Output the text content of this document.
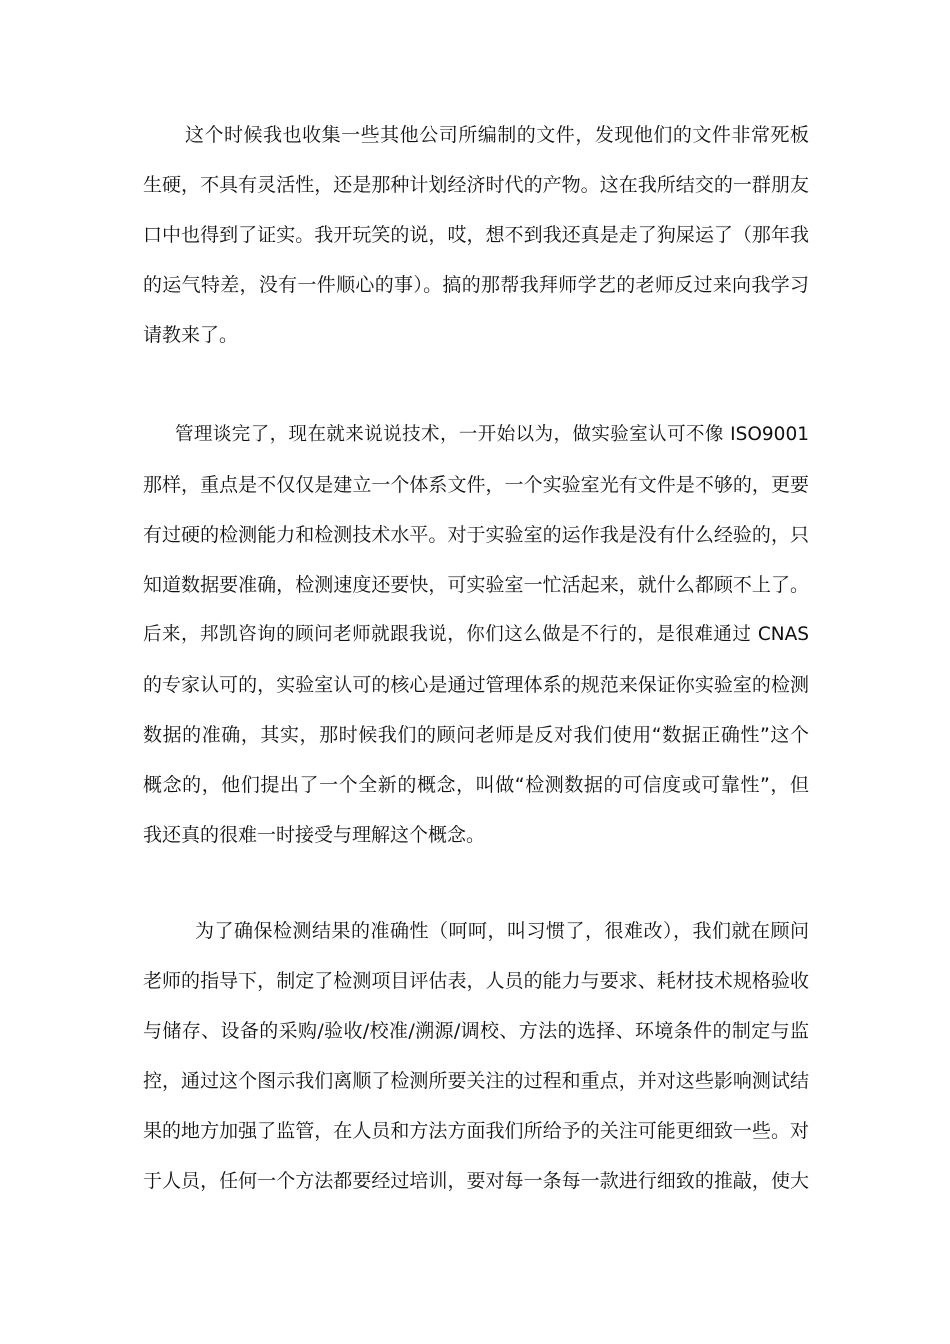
这个时候我也收集一些其他公司所编制的文件，发现他们的文件非常死板
生硬，不具有灵活性，还是那种计划经济时代的产物。这在我所结交的一群朋友
口中也得到了证实。我开玩笑的说，哎，想不到我还真是走了狗屎运了（那年我
的运气特差，没有一件顺心的事）。搞的那帮我拜师学艺的老师反过来向我学习
请教来了。
管理谈完了，现在就来说说技术，一开始以为，做实验室认可不像 ISO9001
那样，重点是不仅仅是建立一个体系文件，一个实验室光有文件是不够的，更要
有过硬的检测能力和检测技术水平。对于实验室的运作我是没有什么经验的，只
知道数据要准确，检测速度还要快，可实验室一忙活起来，就什么都顾不上了。
后来，邦凯咨询的顾问老师就跟我说，你们这么做是不行的，是很难通过 CNAS
的专家认可的，实验室认可的核心是通过管理体系的规范来保证你实验室的检测
数据的准确，其实，那时候我们的顾问老师是反对我们使用“数据正确性”这个
概念的，他们提出了一个全新的概念，叫做“检测数据的可信度或可靠性”，但
我还真的很难一时接受与理解这个概念。
为了确保检测结果的准确性（呵呵，叫习惯了，很难改），我们就在顾问
老师的指导下，制定了检测项目评估表，人员的能力与要求、耗材技术规格验收
与储存、设备的采购/验收/校准/溯源/调校、方法的选择、环境条件的制定与监
控，通过这个图示我们离顺了检测所要关注的过程和重点，并对这些影响测试结
果的地方加强了监管，在人员和方法方面我们所给予的关注可能更细致一些。对
于人员，任何一个方法都要经过培训，要对每一条每一款进行细致的推敲，使大
